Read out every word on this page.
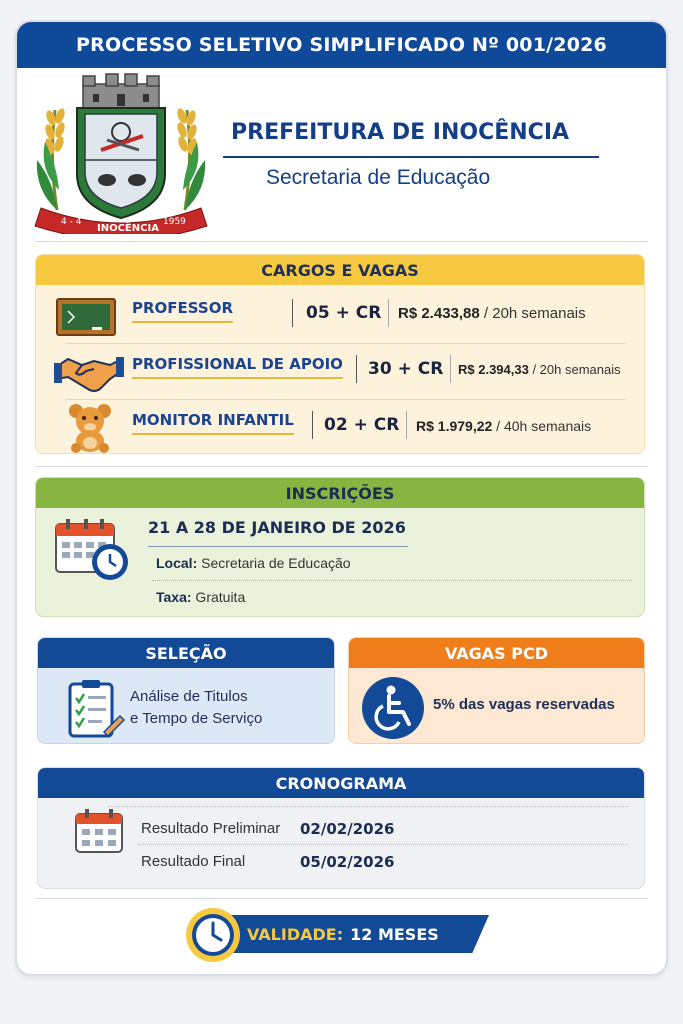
PROCESSO SELETIVO SIMPLIFICADO Nº 001/2026
4 - 4
INOCÊNCIA
1959
PREFEITURA DE INOCÊNCIA
Secretaria de Educação
CARGOS E VAGAS
PROFESSOR	05 + CR R$ 2.433,88 / 20h semanais
PROFISSIONAL DE APOIO 30 + CR R$ 2.394,33 / 20h semanais
MONITOR INFANTIL 02 + CR R$ 1.979,22 / 40h semanais
INSCRIÇÕES
21 A 28 DE JANEIRO DE 2026
Local: Secretaria de Educação
Taxa: Gratuita
SELEÇÃO
Análise de Titulos
e Tempo de Serviço
VAGAS PCD
5% das vagas reservadas
CRONOGRAMA
Resultado Preliminar 02/02/2026
Resultado Final	05/02/2026
VALIDADE: 12 MESES
